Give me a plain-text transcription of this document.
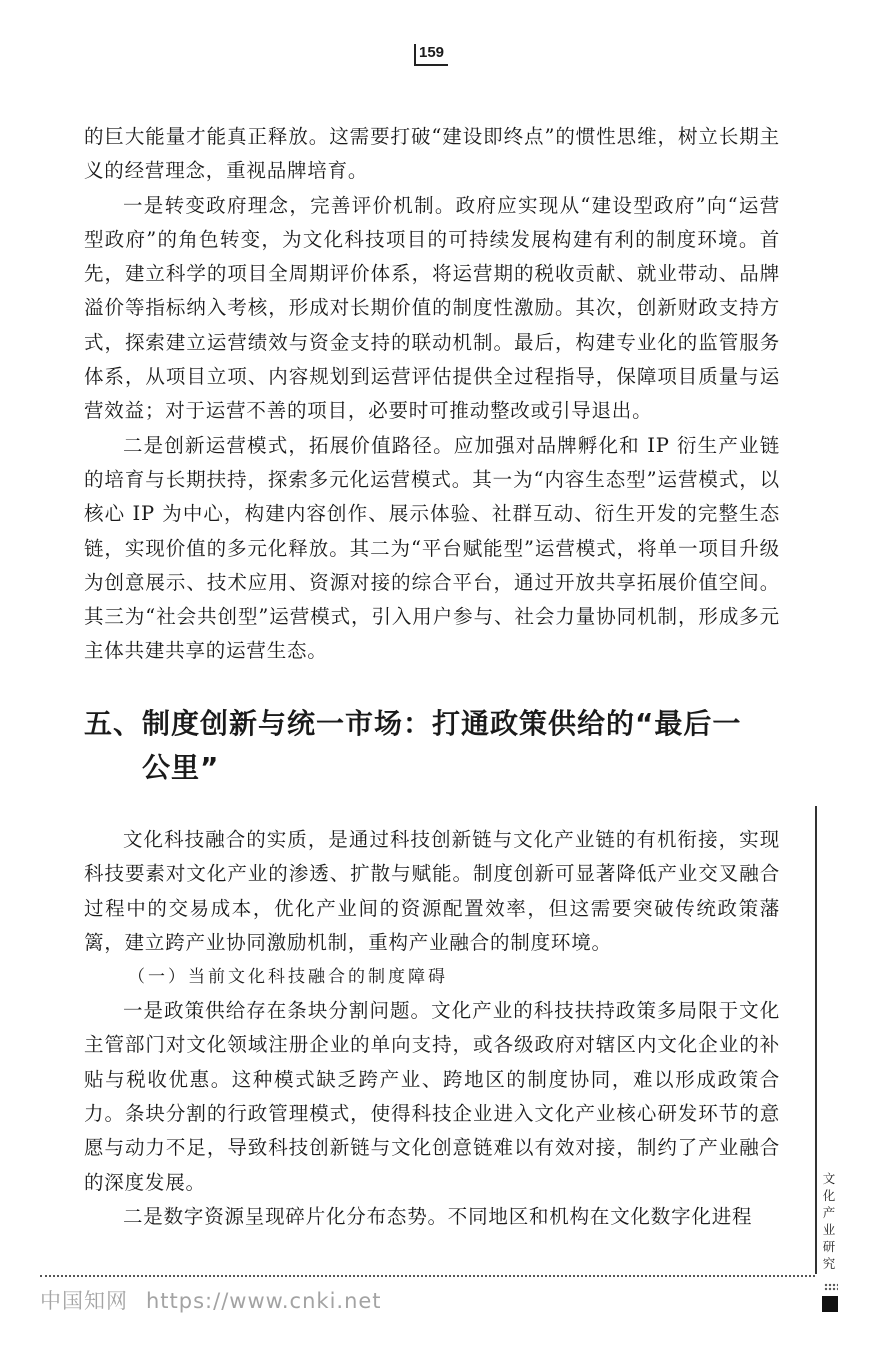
159

的巨大能量才能真正释放。这需要打破“建设即终点”的惯性思维，树立长期主义的经营理念，重视品牌培育。

一是转变政府理念，完善评价机制。政府应实现从“建设型政府”向“运营型政府”的角色转变，为文化科技项目的可持续发展构建有利的制度环境。首先，建立科学的项目全周期评价体系，将运营期的税收贡献、就业带动、品牌溢价等指标纳入考核，形成对长期价值的制度性激励。其次，创新财政支持方式，探索建立运营绩效与资金支持的联动机制。最后，构建专业化的监管服务体系，从项目立项、内容规划到运营评估提供全过程指导，保障项目质量与运营效益；对于运营不善的项目，必要时可推动整改或引导退出。

二是创新运营模式，拓展价值路径。应加强对品牌孵化和 IP 衍生产业链的培育与长期扶持，探索多元化运营模式。其一为“内容生态型”运营模式，以核心 IP 为中心，构建内容创作、展示体验、社群互动、衍生开发的完整生态链，实现价值的多元化释放。其二为“平台赋能型”运营模式，将单一项目升级为创意展示、技术应用、资源对接的综合平台，通过开放共享拓展价值空间。其三为“社会共创型”运营模式，引入用户参与、社会力量协同机制，形成多元主体共建共享的运营生态。

五、制度创新与统一市场：打通政策供给的“最后一
公里”

文化科技融合的实质，是通过科技创新链与文化产业链的有机衔接，实现科技要素对文化产业的渗透、扩散与赋能。制度创新可显著降低产业交叉融合过程中的交易成本，优化产业间的资源配置效率，但这需要突破传统政策藩篱，建立跨产业协同激励机制，重构产业融合的制度环境。

（一）当前文化科技融合的制度障碍

一是政策供给存在条块分割问题。文化产业的科技扶持政策多局限于文化主管部门对文化领域注册企业的单向支持，或各级政府对辖区内文化企业的补贴与税收优惠。这种模式缺乏跨产业、跨地区的制度协同，难以形成政策合力。条块分割的行政管理模式，使得科技企业进入文化产业核心研发环节的意愿与动力不足，导致科技创新链与文化创意链难以有效对接，制约了产业融合的深度发展。

二是数字资源呈现碎片化分布态势。不同地区和机构在文化数字化进程

文化产业研究
中国知网 https://www.cnki.net
